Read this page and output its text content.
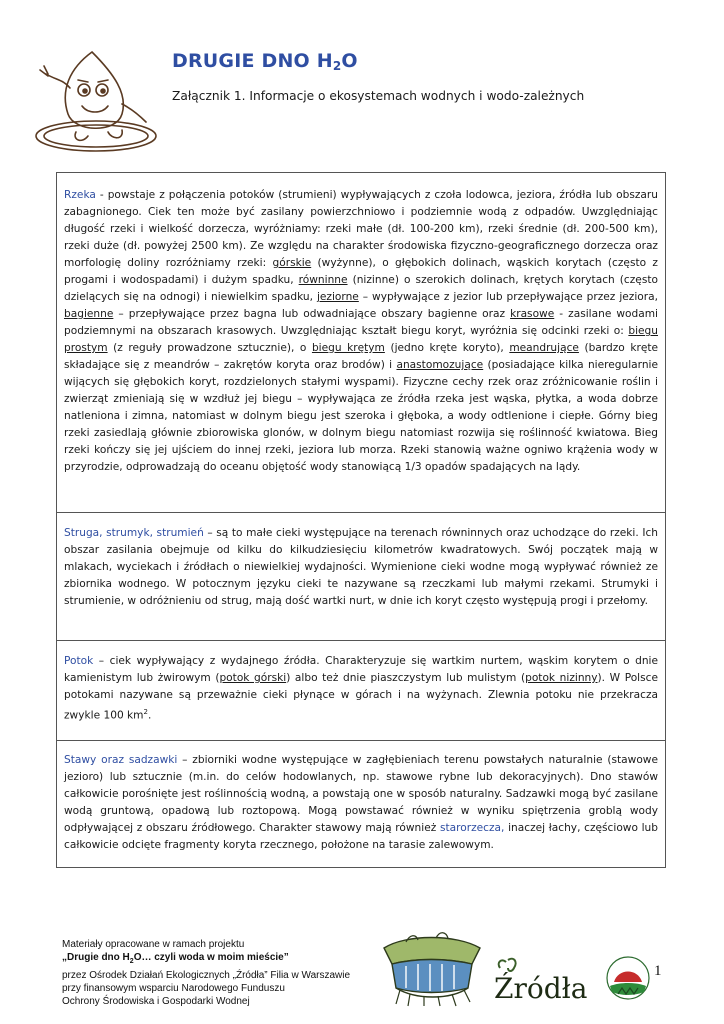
DRUGIE DNO $H_2O$

Załącznik 1. Informacje o ekosystemach wodnych i wodo-zależnych

Rzeka - powstaje z połączenia potoków (strumieni) wypływających z czoła lodowca, jeziora, źródła lub obszaru zabagnionego. Ciek ten może być zasilany powierzchniowo i podziemnie wodą z odpadów. Uwzględniając długość rzeki i wielkość dorzecza, wyróżniamy: rzeki małe (dł. 100-200 km), rzeki średnie (dł. 200-500 km), rzeki duże (dł. powyżej 2500 km). Ze względu na charakter środowiska fizyczno-geograficznego dorzecza oraz morfologię doliny rozróżniamy rzeki: górskie (wyżynne), o głębokich dolinach, wąskich korytach (często z progami i wodospadami) i dużym spadku, równinne (nizinne) o szerokich dolinach, krętych korytach (często dzielących się na odnogi) i niewielkim spadku, jeziorne – wypływające z jezior lub przepływające przez jeziora, bagienne – przepływające przez bagna lub odwadniające obszary bagienne oraz krasowe - zasilane wodami podziemnymi na obszarach krasowych. Uwzględniając kształt biegu koryt, wyróżnia się odcinki rzeki o: biegu prostym (z reguły prowadzone sztucznie), o biegu krętym (jedno kręte koryto), meandrujące (bardzo kręte składające się z meandrów – zakrętów koryta oraz brodów) i anastomozujące (posiadające kilka nieregularnie wijących się głębokich koryt, rozdzielonych stałymi wyspami). Fizyczne cechy rzek oraz zróżnicowanie roślin i zwierząt zmieniają się w wzdłuż jej biegu – wypływająca ze źródła rzeka jest wąska, płytka, a woda dobrze natleniona i zimna, natomiast w dolnym biegu jest szeroka i głęboka, a wody odtlenione i ciepłe. Górny bieg rzeki zasiedlają głównie zbiorowiska glonów, w dolnym biegu natomiast rozwija się roślinność kwiatowa. Bieg rzeki kończy się jej ujściem do innej rzeki, jeziora lub morza. Rzeki stanowią ważne ogniwo krążenia wody w przyrodzie, odprowadzają do oceanu objętość wody stanowiącą 1/3 opadów spadających na lądy.

Struga, strumyk, strumień – są to małe cieki występujące na terenach równinnych oraz uchodzące do rzeki. Ich obszar zasilania obejmuje od kilku do kilkudziesięciu kilometrów kwadratowych. Swój początek mają w mlakach, wyciekach i źródłach o niewielkiej wydajności. Wymienione cieki wodne mogą wypływać również ze zbiornika wodnego. W potocznym języku cieki te nazywane są rzeczkami lub małymi rzekami. Strumyki i strumienie, w odróżnieniu od strug, mają dość wartki nurt, w dnie ich koryt często występują progi i przełomy.

Potok – ciek wypływający z wydajnego źródła. Charakteryzuje się wartkim nurtem, wąskim korytem o dnie kamienistym lub żwirowym (potok górski) albo też dnie piaszczystym lub mulistym (potok nizinny). W Polsce potokami nazywane są przeważnie cieki płynące w górach i na wyżynach. Zlewnia potoku nie przekracza zwykle 100 $km^2$.

Stawy oraz sadzawki – zbiorniki wodne występujące w zagłębieniach terenu powstałych naturalnie (stawowe jezioro) lub sztucznie (m.in. do celów hodowlanych, np. stawowe rybne lub dekoracyjnych). Dno stawów całkowicie porośnięte jest roślinnością wodną, a powstają one w sposób naturalny. Sadzawki mogą być zasilane wodą gruntową, opadową lub roztopową. Mogą powstawać również w wyniku spiętrzenia groblą wody odpływającej z obszaru źródłowego. Charakter stawowy mają również starorzecza, inaczej łachy, częściowo lub całkowicie odcięte fragmenty koryta rzecznego, położone na tarasie zalewowym.

Materiały opracowane w ramach projektu
„Drugie dno $H_2O\dots$ czyli woda w moim mieście”
przez Ośrodek Działań Ekologicznych „Źródła” Filia w Warszawie
przy finansowym wsparciu Narodowego Funduszu
Ochrony Środowiska i Gospodarki Wodnej	Źródła
1
